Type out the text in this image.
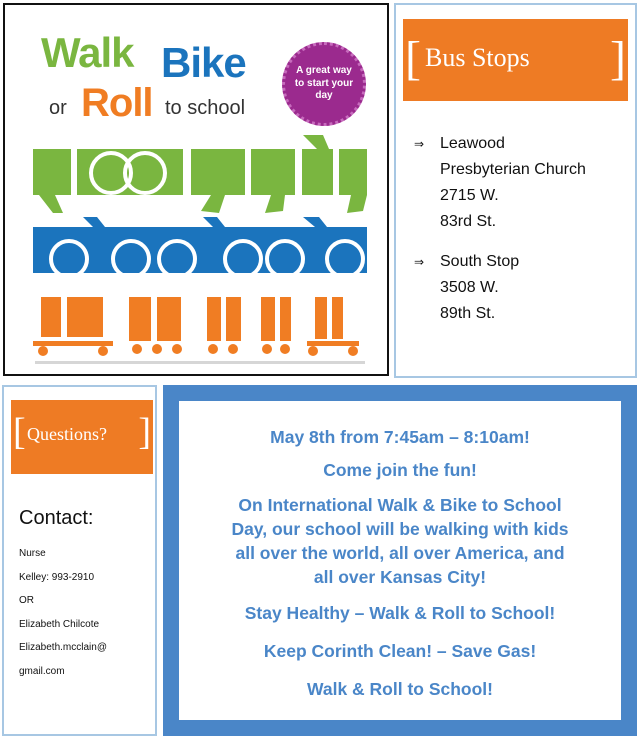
Walk Bike
or Roll to school
A great way to start your day
[ Bus Stops ]
⇒ Leawood
Presbyterian Church
2715 W.
83rd St.
⇒ South Stop
3508 W.
89th St.
[ Questions? ]
Contact:
Nurse
Kelley: 993-2910
OR
Elizabeth Chilcote
Elizabeth.mcclain@
gmail.com
May 8th from 7:45am – 8:10am!
Come join the fun!
On International Walk & Bike to School
Day, our school will be walking with kids
all over the world, all over America, and
all over Kansas City!
Stay Healthy – Walk & Roll to School!
Keep Corinth Clean! – Save Gas!
Walk & Roll to School!
